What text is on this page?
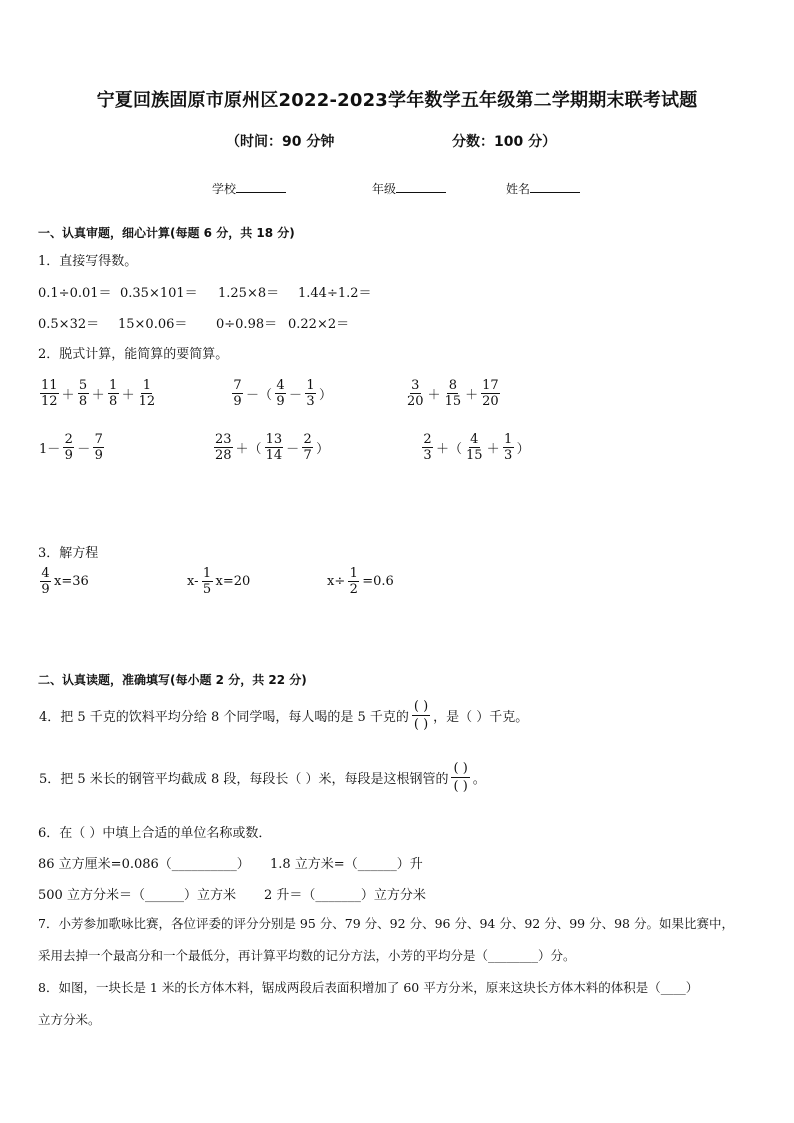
宁夏回族固原市原州区2022-2023学年数学五年级第二学期期末联考试题
（时间：90 分钟	分数：100 分）
学校	年级	姓名
一、认真审题，细心计算(每题 6 分，共 18 分)
1．直接写得数。
0.1÷0.01＝ 0.35×101＝ 1.25×8＝ 1.44÷1.2＝
0.5×32＝ 15×0.06＝ 0÷0.98＝ 0.22×2＝
2．脱式计算，能简算的要简算。
$\frac{11}{12} + \frac{5}{8} + \frac{1}{8} + \frac{1}{12}$	$\frac{7}{9}$ －（ $\frac{4}{9} - \frac{1}{3}$ ）	$\frac{3}{20} + \frac{8}{15} + \frac{17}{20}$
$1- \frac{2}{9} - \frac{7}{9}$	$\frac{23}{28}$ ＋（ $\frac{13}{14} - \frac{2}{7}$ ）	$\frac{2}{3}$ ＋（ $\frac{4}{15} + \frac{1}{3}$ ）
3．解方程
$\frac{4}{9} x=36$	$x- \frac{1}{5} x=20$	$x\div \frac{1}{2} =0.6$
二、认真读题，准确填写(每小题 2 分，共 22 分)
4．把 5 千克的饮料平均分给 8 个同学喝，每人喝的是 5 千克的
( )
( ) ，是（ ）千克。
5．把 5 米长的钢管平均截成 8 段，每段长（ ）米，每段是这根钢管的
( )
( ) 。
6．在（ ）中填上合适的单位名称或数．
86 立方厘米=0.086（__________） 1.8 立方米=（______）升
500 立方分米＝（______）立方米 2 升＝（_______）立方分米
7．小芳参加歌咏比赛，各位评委的评分分别是 95 分、79 分、92 分、96 分、94 分、92 分、99 分、98 分。如果比赛中，
采用去掉一个最高分和一个最低分，再计算平均数的记分方法，小芳的平均分是（________）分。
8．如图，一块长是 1 米的长方体木料，锯成两段后表面积增加了 60 平方分米，原来这块长方体木料的体积是（____）
立方分米。
